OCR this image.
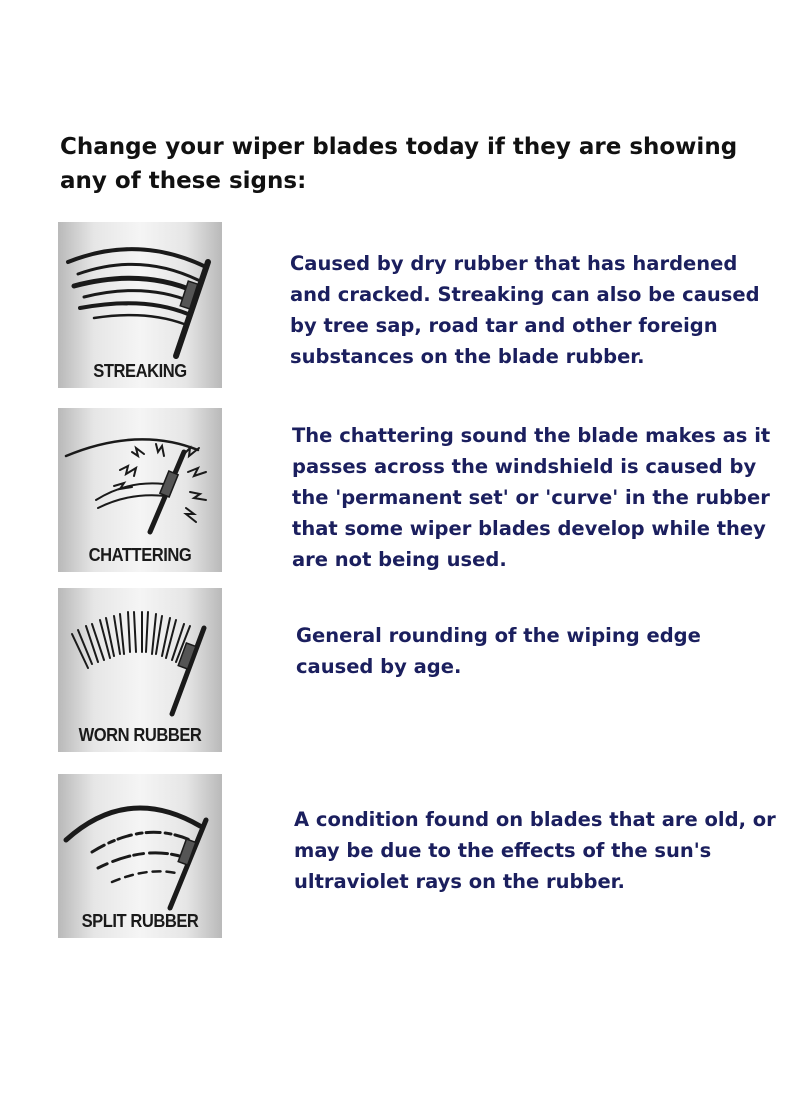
Change your wiper blades today if they are showing any of these signs:
STREAKING

Caused by dry rubber that has hardened and cracked. Streaking can also be caused by tree sap, road tar and other foreign substances on the blade rubber.

CHATTERING

The chattering sound the blade makes as it passes across the windshield is caused by the 'permanent set' or 'curve' in the rubber that some wiper blades develop while they are not being used.

WORN RUBBER

General rounding of the wiping edge caused by age.

SPLIT RUBBER

A condition found on blades that are old, or may be due to the effects of the sun's ultraviolet rays on the rubber.
